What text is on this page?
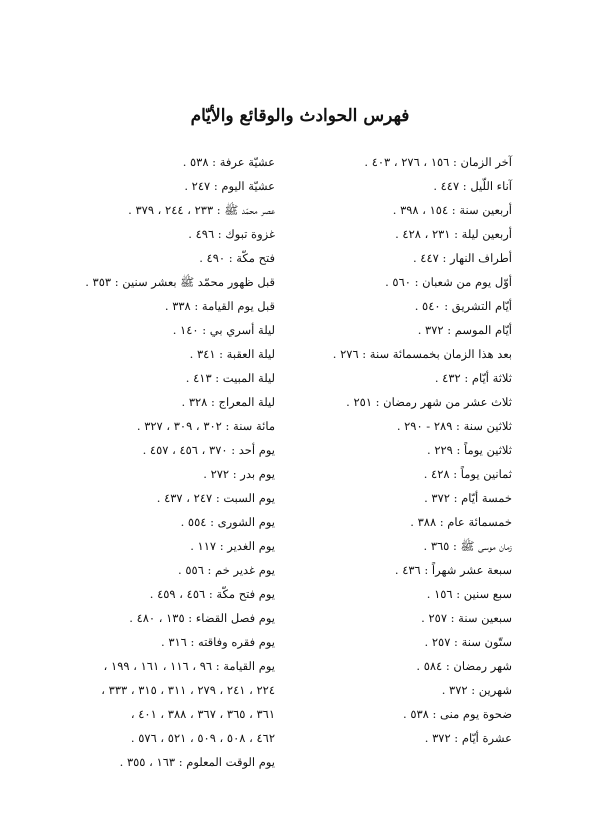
فهرس الحوادث والوقائع والأيّام
آخر الزمان : ١٥٦ ، ٢٧٦ ، ٤٠٣ .
آناء اللّيل : ٤٤٧ .
أربعين سنة : ١٥٤ ، ٣٩٨ .
أربعين ليلة : ٢٣١ ، ٤٢٨ .
أطراف النهار : ٤٤٧ .
أوّل يوم من شعبان : ٥٦٠ .
أيّام التشريق : ٥٤٠ .
أيّام الموسم : ٣٧٢ .
بعد هذا الزمان بخمسمائة سنة : ٢٧٦ .
ثلاثة أيّام : ٤٣٢ .
ثلاث عشر من شهر رمضان : ٢٥١ .
ثلاثين سنة : ٢٨٩ - ٢٩٠ .
ثلاثين يوماً : ٢٢٩ .
ثمانين يوماً : ٤٢٨ .
خمسة أيّام : ٣٧٢ .
خمسمائة عام : ٣٨٨ .
زمان موسى ﷺ : ٣٦٥ .
سبعة عشر شهراً : ٤٣٦ .
سبع سنين : ١٥٦ .
سبعين سنة : ٢٥٧ .
ستّون سنة : ٢٥٧ .
شهر رمضان : ٥٨٤ .
شهرين : ٣٧٢ .
ضحوة يوم منى : ٥٣٨ .
عشرة أيّام : ٣٧٢ .
عشيّة عرفة : ٥٣٨ .
عشيّة اليوم : ٢٤٧ .
عصر محمّد ﷺ : ٢٣٣ ، ٢٤٤ ، ٣٧٩ .
غزوة تبوك : ٤٩٦ .
فتح مكّة : ٤٩٠ .
قبل ظهور محمّد ﷺ بعشر سنين : ٣٥٣ .
قبل يوم القيامة : ٣٣٨ .
ليلة أسري بي : ١٤٠ .
ليلة العقبة : ٣٤١ .
ليلة المبيت : ٤١٣ .
ليلة المعراج : ٣٢٨ .
مائة سنة : ٣٠٢ ، ٣٠٩ ، ٣٢٧ .
يوم أحد : ٣٧٠ ، ٤٥٦ ، ٤٥٧ .
يوم بدر : ٢٧٢ .
يوم السبت : ٢٤٧ ، ٤٣٧ .
يوم الشورى : ٥٥٤ .
يوم الغدير : ١١٧ .
يوم غدير خم : ٥٥٦ .
يوم فتح مكّة : ٤٥٦ ، ٤٥٩ .
يوم فصل القضاء : ١٣٥ ، ٤٨٠ .
يوم فقره وفاقته : ٣١٦ .
يوم القيامة : ٩٦ ، ١١٦ ، ١٦١ ، ١٩٩ ،
٢٢٤ ، ٢٤١ ، ٢٧٩ ، ٣١١ ، ٣١٥ ، ٣٣٣ ،
٣٦١ ، ٣٦٥ ، ٣٦٧ ، ٣٨٨ ، ٤٠١ ،
٤٦٢ ، ٥٠٨ ، ٥٠٩ ، ٥٢١ ، ٥٧٦ .
يوم الوقت المعلوم : ١٦٣ ، ٣٥٥ .
